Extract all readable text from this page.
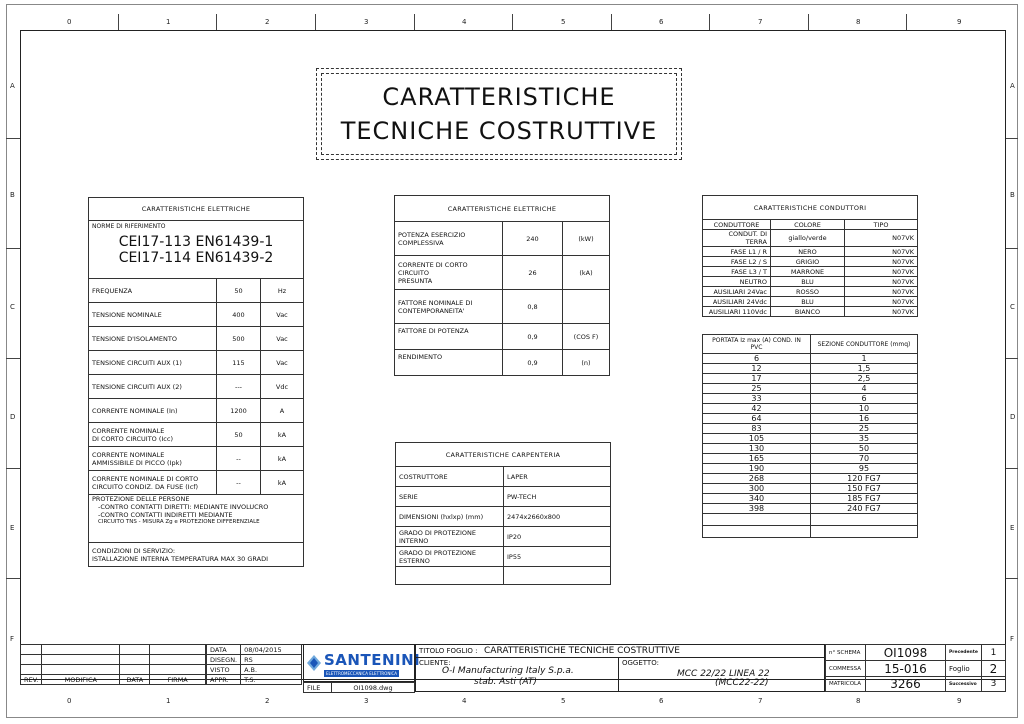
0	1	2	3	4	5	6	7	8	9
0	1	2	3	4	5	6	7	8	9
A
B
C
D
E
F
A
B
C
D
E
F
CARATTERISTICHE
TECNICHE COSTRUTTIVE
CARATTERISTICHE ELETTRICHE		

NORME DI RIFERIMENTO
CEI17-113 EN61439-1
CEI17-114 EN61439-2		

FREQUENZA	50	Hz
TENSIONE NOMINALE	400	Vac
TENSIONE D'ISOLAMENTO	500	Vac
TENSIONE CIRCUITI AUX (1)	115	Vac
TENSIONE CIRCUITI AUX (2)	---	Vdc
CORRENTE NOMINALE (In)	1200	A

CORRENTE NOMINALE
DI CORTO CIRCUITO (Icc)	50	kA

CORRENTE NOMINALE
AMMISSIBILE DI PICCO (Ipk)	--	kA

CORRENTE NOMINALE DI CORTO
CIRCUITO CONDIZ. DA FUSE (Icf)	--	kA

PROTEZIONE DELLE PERSONE
-CONTRO CONTATTI DIRETTI: MEDIANTE INVOLUCRO
-CONTRO CONTATTI INDIRETTI MEDIANTE
CIRCUITO TNS - MISURA Zg e PROTEZIONE DIFFERENZIALE		

CONDIZIONI DI SERVIZIO:
ISTALLAZIONE INTERNA TEMPERATURA MAX 30 GRADI		
CARATTERISTICHE ELETTRICHE		

POTENZA ESERCIZIO
COMPLESSIVA	240	(kW)

CORRENTE DI CORTO CIRCUITO
PRESUNTA	26	(kA)

FATTORE NOMINALE DI
CONTEMPORANEITA'	0,8	
FATTORE DI POTENZA	0,9	(COS F)
RENDIMENTO	0,9	(n)
CARATTERISTICHE CARPENTERIA	
COSTRUTTORE	LAPER
SERIE	PW-TECH
DIMENSIONI (hxlxp) (mm)	2474x2660x800
GRADO DI PROTEZIONE INTERNO	IP20
GRADO DI PROTEZIONE ESTERNO	IP55

CARATTERISTICHE CONDUTTORI		
CONDUTTORE	COLORE	TIPO
CONDUT. DI TERRA	giallo/verde	N07VK
FASE L1 / R	NERO	N07VK
FASE L2 / S	GRIGIO	N07VK
FASE L3 / T	MARRONE	N07VK
NEUTRO	BLU	N07VK
AUSILIARI 24Vac	ROSSO	N07VK
AUSILIARI 24Vdc	BLU	N07VK
AUSILIARI 110Vdc	BIANCO	N07VK
PORTATA Iz max (A) COND. IN PVC	SEZIONE CONDUTTORE (mmq)
6	1
12	1,5
17	2,5
25	4
33	6
42	10
64	16
83	25
105	35
130	50
165	70
190	95
268	120 FG7
300	150 FG7
340	185 FG7
398	240 FG7

REV.	MODIFICA	DATA	FIRMA
DATA	08/04/2015
DISEGN.	RS
VISTO	A.B.
APPR.	T.S.
SANTENINI
ELETTROMECCANICA ELETTRONICA
FILE	OI1098.dwg
TITOLO FOGLIO : CARATTERISTICHE TECNICHE COSTRUTTIVE
CLIENTE:
O-I Manufacturing Italy S.p.a.
stab. Asti (AT)
OGGETTO:
MCC 22/22 LINEA 22
(MCC22-22)
n° SCHEMA	OI1098	Precedente	1
COMMESSA	15-016	Foglio	2
MATRICOLA	3266	Successivo	3
